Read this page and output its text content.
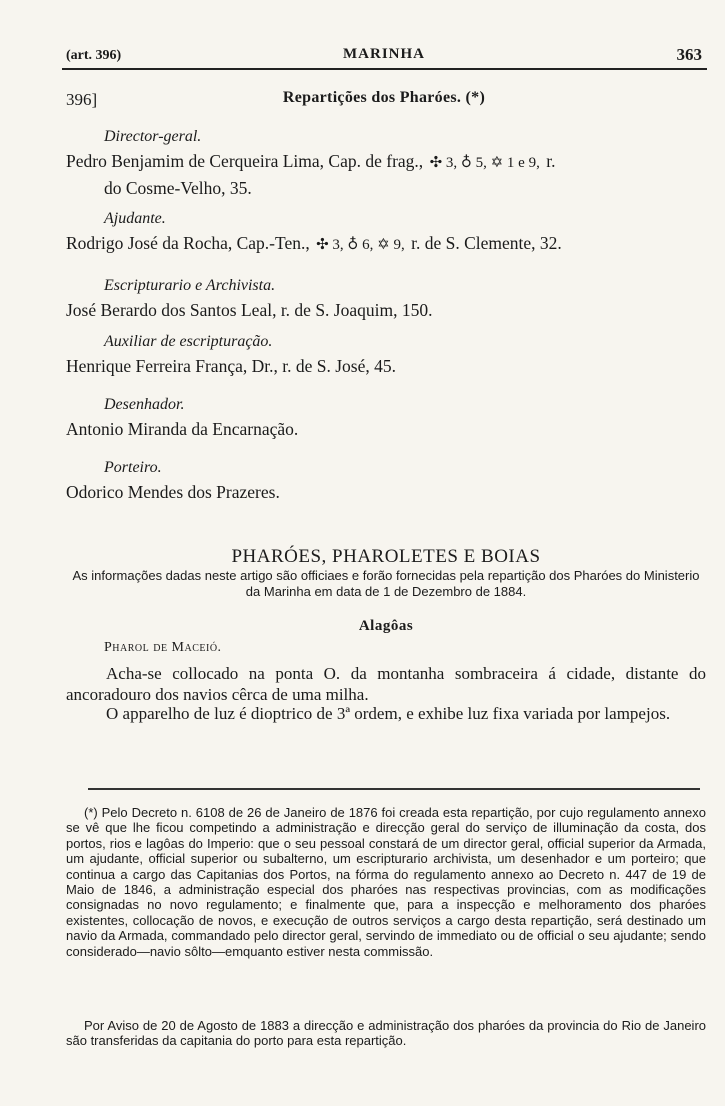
(art. 396)	MARINHA	363
396]	Repartições dos Pharóes. (*)
Director-geral.
Pedro Benjamim de Cerqueira Lima, Cap. de frag., ✣ 3, ♁ 5, ✡ 1 e 9, r.
do Cosme-Velho, 35.
Ajudante.
Rodrigo José da Rocha, Cap.-Ten., ✣ 3, ♁ 6, ✡ 9, r. de S. Clemente, 32.
Escripturario e Archivista.
José Berardo dos Santos Leal, r. de S. Joaquim, 150.
Auxiliar de escripturação.
Henrique Ferreira França, Dr., r. de S. José, 45.
Desenhador.
Antonio Miranda da Encarnação.
Porteiro.
Odorico Mendes dos Prazeres.
PHARÓES, PHAROLETES E BOIAS
As informações dadas neste artigo são officiaes e forão fornecidas pela repartição dos Pharóes do Ministerio da Marinha em data de 1 de Dezembro de 1884.
Alagôas
Pharol de Maceió.
Acha-se collocado na ponta O. da montanha sombraceira á cidade, distante do ancoradouro dos navios cêrca de uma milha.
O apparelho de luz é dioptrico de 3ª ordem, e exhibe luz fixa variada por lampejos.
(*) Pelo Decreto n. 6108 de 26 de Janeiro de 1876 foi creada esta repartição, por cujo regulamento annexo se vê que lhe ficou competindo a administração e direcção geral do serviço de illuminação da costa, dos portos, rios e lagôas do Imperio: que o seu pessoal constará de um director geral, official superior da Armada, um ajudante, official superior ou subalterno, um escripturario archivista, um desenhador e um porteiro; que continua a cargo das Capitanias dos Portos, na fórma do regulamento annexo ao Decreto n. 447 de 19 de Maio de 1846, a administração especial dos pharóes nas respectivas provincias, com as modificações consignadas no novo regulamento; e finalmente que, para a inspecção e melhoramento dos pharóes existentes, collocação de novos, e execução de outros serviços a cargo desta repartição, será destinado um navio da Armada, commandado pelo director geral, servindo de immediato ou de official o seu ajudante; sendo considerado—navio sôlto—emquanto estiver nesta commissão.
Por Aviso de 20 de Agosto de 1883 a direcção e administração dos pharóes da provincia do Rio de Janeiro são transferidas da capitania do porto para esta repartição.
